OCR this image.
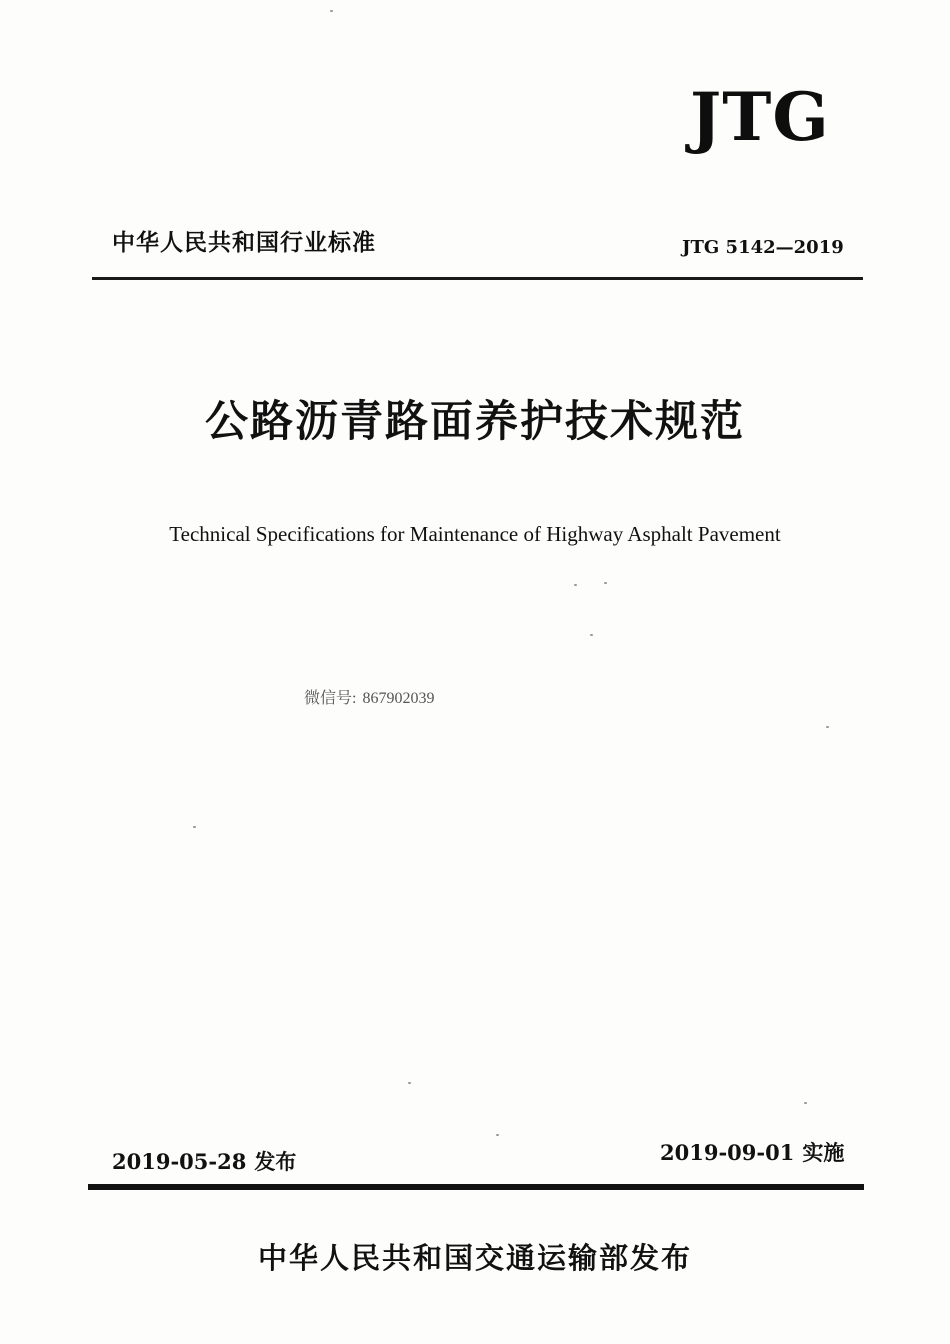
JTG
中华人民共和国行业标准	JTG 5142—2019
公路沥青路面养护技术规范
Technical Specifications for Maintenance of Highway Asphalt Pavement
微信号: 867902039
2019-05-28 发布	2019-09-01 实施
中华人民共和国交通运输部发布
